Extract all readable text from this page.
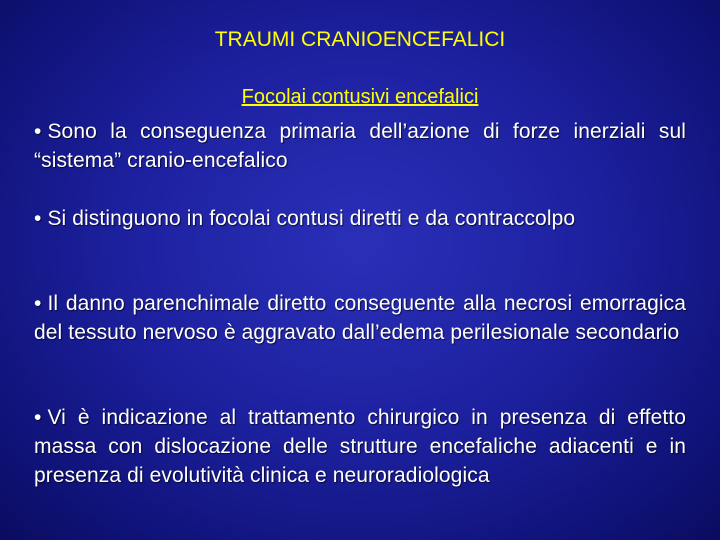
TRAUMI CRANIOENCEFALICI
Focolai contusivi encefalici
• Sono la conseguenza primaria dell’azione di forze inerziali sul “sistema” cranio-encefalico
• Si distinguono in focolai contusi diretti e da contraccolpo
• Il danno parenchimale diretto conseguente alla necrosi emorragica del tessuto nervoso è aggravato dall’edema perilesionale secondario
• Vi è indicazione al trattamento chirurgico in presenza di effetto massa con dislocazione delle strutture encefaliche adiacenti e in presenza di evolutività clinica e neuroradiologica
